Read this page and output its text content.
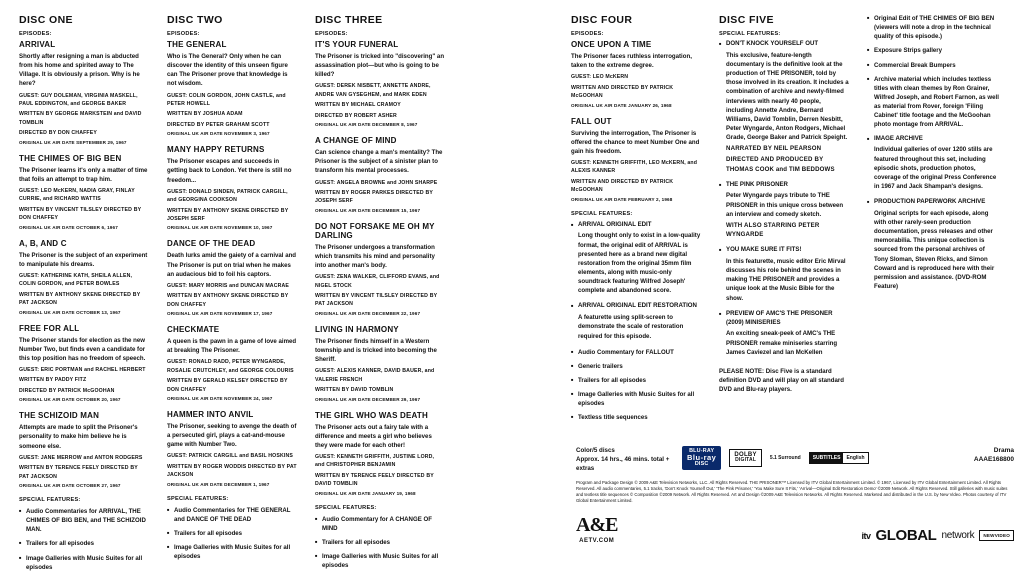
DISC ONE
EPISODES:
ARRIVAL

Shortly after resigning a man is abducted from his home and spirited away to The Village. It is obviously a prison. Why is he here?

GUEST: GUY DOLEMAN, VIRGINIA MASKELL, PAUL EDDINGTON, and GEORGE BAKER
WRITTEN BY GEORGE MARKSTEIN and DAVID TOMBLIN
DIRECTED BY DON CHAFFEY
ORIGINAL UK AIR DATE SEPTEMBER 29, 1967
THE CHIMES OF BIG BEN

The Prisoner learns it's only a matter of time that foils an attempt to trap him.

GUEST: LEO McKERN, NADIA GRAY, FINLAY CURRIE, and RICHARD WATTIS
WRITTEN BY VINCENT TILSLEY DIRECTED BY DON CHAFFEY
ORIGINAL UK AIR DATE OCTOBER 6, 1967
A, B, AND C

The Prisoner is the subject of an experiment to manipulate his dreams.

GUEST: KATHERINE KATH, SHEILA ALLEN, COLIN GORDON, and PETER BOWLES
WRITTEN BY ANTHONY SKENE DIRECTED BY PAT JACKSON
ORIGINAL UK AIR DATE OCTOBER 13, 1967
FREE FOR ALL

The Prisoner stands for election as the new Number Two, but finds even a candidate for this top position has no freedom of speech.

GUEST: ERIC PORTMAN and RACHEL HERBERT
WRITTEN BY PADDY FITZ
DIRECTED BY PATRICK McGOOHAN
ORIGINAL UK AIR DATE OCTOBER 20, 1967
THE SCHIZOID MAN

Attempts are made to split the Prisoner's personality to make him believe he is someone else.

GUEST: JANE MERROW and ANTON RODGERS
WRITTEN BY TERENCE FEELY DIRECTED BY PAT JACKSON
ORIGINAL UK AIR DATE OCTOBER 27, 1967
SPECIAL FEATURES:
■ Audio Commentaries for ARRIVAL, THE CHIMES OF BIG BEN, and THE SCHIZOID MAN.
■ Trailers for all episodes
■ Image Galleries with Music Suites for all episodes
DISC TWO
EPISODES:
THE GENERAL

Who is The General? Only when he can discover the identity of this unseen figure can The Prisoner prove that knowledge is not wisdom.

GUEST: COLIN GORDON, JOHN CASTLE, and PETER HOWELL
WRITTEN BY JOSHUA ADAM
DIRECTED BY PETER GRAHAM SCOTT
ORIGINAL UK AIR DATE NOVEMBER 3, 1967
MANY HAPPY RETURNS

The Prisoner escapes and succeeds in getting back to London. Yet there is still no freedom...

GUEST: DONALD SINDEN, PATRICK CARGILL, and GEORGINA COOKSON
WRITTEN BY ANTHONY SKENE DIRECTED BY JOSEPH SERF
ORIGINAL UK AIR DATE NOVEMBER 10, 1967
DANCE OF THE DEAD

Death lurks amid the gaiety of a carnival and The Prisoner is put on trial when he makes an audacious bid to foil his captors.

GUEST: MARY MORRIS and DUNCAN MACRAE
WRITTEN BY ANTHONY SKENE DIRECTED BY DON CHAFFEY
ORIGINAL UK AIR DATE NOVEMBER 17, 1967
CHECKMATE

A queen is the pawn in a game of love aimed at breaking The Prisoner.

GUEST: RONALD RADD, PETER WYNGARDE, ROSALIE CRUTCHLEY, and GEORGE COLOURIS
WRITTEN BY GERALD KELSEY DIRECTED BY DON CHAFFEY
ORIGINAL UK AIR DATE NOVEMBER 24, 1967
HAMMER INTO ANVIL

The Prisoner, seeking to avenge the death of a persecuted girl, plays a cat-and-mouse game with Number Two.

GUEST: PATRICK CARGILL and BASIL HOSKINS
WRITTEN BY ROGER WODDIS DIRECTED BY PAT JACKSON
ORIGINAL UK AIR DATE DECEMBER 1, 1967
SPECIAL FEATURES:
■ Audio Commentaries for THE GENERAL and DANCE OF THE DEAD
■ Trailers for all episodes
■ Image Galleries with Music Suites for all episodes
DISC THREE
EPISODES:
IT'S YOUR FUNERAL

The Prisoner is tricked into "discovering" an assassination plot—but who is going to be killed?

GUEST: DEREK NISBETT, ANNETTE ANDRE, ANDRE VAN GYSEGHEM, and MARK EDEN
WRITTEN BY MICHAEL CRAMOY
DIRECTED BY ROBERT ASHER
ORIGINAL UK AIR DATE DECEMBER 8, 1967
A CHANGE OF MIND

Can science change a man's mentality? The Prisoner is the subject of a sinister plan to transform his mental processes.

GUEST: ANGELA BROWNE and JOHN SHARPE
WRITTEN BY ROGER PARKES DIRECTED BY JOSEPH SERF
ORIGINAL UK AIR DATE DECEMBER 15, 1967
DO NOT FORSAKE ME OH MY DARLING

The Prisoner undergoes a transformation which transmits his mind and personality into another man's body.

GUEST: ZENA WALKER, CLIFFORD EVANS, and NIGEL STOCK
WRITTEN BY VINCENT TILSLEY DIRECTED BY PAT JACKSON
ORIGINAL UK AIR DATE DECEMBER 22, 1967
LIVING IN HARMONY

The Prisoner finds himself in a Western township and is tricked into becoming the Sheriff.

GUEST: ALEXIS KANNER, DAVID BAUER, and VALERIE FRENCH
WRITTEN BY DAVID TOMBLIN
ORIGINAL UK AIR DATE DECEMBER 29, 1967
THE GIRL WHO WAS DEATH

The Prisoner acts out a fairy tale with a difference and meets a girl who believes they were made for each other!

GUEST: KENNETH GRIFFITH, JUSTINE LORD, and CHRISTOPHER BENJAMIN
WRITTEN BY TERENCE FEELY DIRECTED BY DAVID TOMBLIN
ORIGINAL UK AIR DATE JANUARY 19, 1968
SPECIAL FEATURES:
■ Audio Commentary for A CHANGE OF MIND
■ Trailers for all episodes
■ Image Galleries with Music Suites for all episodes
DISC FOUR
EPISODES:
ONCE UPON A TIME

The Prisoner faces ruthless interrogation, taken to the extreme degree.

GUEST: LEO McKERN
WRITTEN AND DIRECTED BY PATRICK McGOOHAN
ORIGINAL UK AIR DATE JANUARY 26, 1968
FALL OUT

Surviving the interrogation, The Prisoner is offered the chance to meet Number One and gain his freedom.

GUEST: KENNETH GRIFFITH, LEO McKERN, and ALEXIS KANNER
WRITTEN AND DIRECTED BY PATRICK McGOOHAN
ORIGINAL UK AIR DATE FEBRUARY 2, 1968
SPECIAL FEATURES:
■ ARRIVAL ORIGINAL EDIT
Long thought only to exist in a low-quality format, the original edit of ARRIVAL is presented here as a brand new digital restoration from the original 35mm film elements, along with music-only soundtrack featuring Wilfred Joseph' complete and abandoned score.
■ ARRIVAL ORIGINAL EDIT RESTORATION
A featurette using split-screen to demonstrate the scale of restoration required for this episode.
■ Audio Commentary for FALLOUT
■ Generic trailers
■ Trailers for all episodes
■ Image Galleries with Music Suites for all episodes
■ Textless title sequences
DISC FIVE
SPECIAL FEATURES:
■ DON'T KNOCK YOURSELF OUT
This exclusive, feature-length documentary is the definitive look at the production of THE PRISONER, told by those involved in its creation. It includes a combination of archive and newly-filmed interviews with nearly 40 people, including Annette Andre, Bernard Williams, David Tomblin, Derren Nesbitt, Peter Wyngarde, Anton Rodgers, Michael Grade, George Baker and Patrick Speight.
NARRATED BY NEIL PEARSON
DIRECTED AND PRODUCED BY THOMAS COOK and TIM BEDDOWS
■ THE PINK PRISONER
Peter Wyngarde pays tribute to THE PRISONER in this unique cross between an interview and comedy sketch.
WITH ALSO STARRING PETER WYNGARDE
■ YOU MAKE SURE IT FITS!
In this featurette, music editor Eric Mirval discusses his role behind the scenes in making THE PRISONER and provides a unique look at the Music Bible for the show.
■ PREVIEW OF AMC'S THE PRISONER (2009) MINISERIES
An exciting sneak-peek of AMC's THE PRISONER remake miniseries starring James Caviezel and Ian McKellen
PLEASE NOTE: Disc Five is a standard definition DVD and will play on all standard DVD and Blu-ray players.
■ Original Edit of THE CHIMES OF BIG BEN (viewers will note a drop in the technical quality of this episode.)
■ Exposure Strips gallery
■ Commercial Break Bumpers
■ Archive material which includes textless titles with clean themes by Ron Grainer, Wilfred Joseph, and Robert Farnon, as well as material from Rover, foreign 'Filing Cabinet' title footage and the McGoohan photo montage from ARRIVAL.
■ IMAGE ARCHIVE
Individual galleries of over 1200 stills are featured throughout this set, including episodic shots, production photos, coverage of the original Press Conference in 1967 and Jack Shampan's designs.
■ PRODUCTION PAPERWORK ARCHIVE
Original scripts for each episode, along with other rarely-seen production documentation, press releases and other memorabilia. This unique collection is sourced from the personal archives of Tony Sloman, Steven Ricks, and Simon Coward and is reproduced here with their permission and assistance. (DVD-ROM Feature)
Color/5 discs
Approx. 14 hrs., 46 mins. total + extras
BLU-RAY
Blu-ray
DISC
DOLBY
DIGITAL	5.1 Surround	SUBTITLES	English
Drama
AAAE168800
Program and Package Design © 2009 A&E Television Networks, LLC. All Rights Reserved. THE PRISONER™ Licensed by ITV Global Entertainment Limited. © 1967, Licensed by ITV Global Entertainment Limited. All Rights Reserved. All audio commentaries, 5.1 tracks, 'Don't Knock Yourself Out,' 'The Pink Prisoner,' 'You Make Sure It Fits,' 'Arrival—Original Edit Restoration Demo' ©2009 Network. All Rights Reserved. Still galleries with music suites and textless title sequences © Composition ©2009 Network. All Rights Reserved. Art and Design ©2009 A&E Television Networks. All Rights Reserved. Marketed and distributed in the U.S. by New Video. Photos courtesy of ITV Global Entertainment Limited.
A&E
AETV.COM
itv GLOBAL network	NEWVIDEO
